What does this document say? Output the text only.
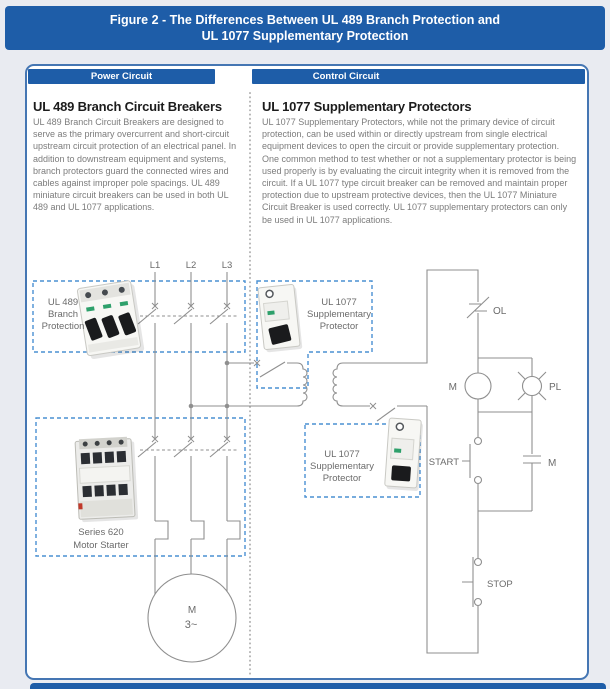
Figure 2 - The Differences Between UL 489 Branch Protection and
UL 1077 Supplementary Protection
Power Circuit	Control Circuit
UL 489 Branch Circuit Breakers	UL 1077 Supplementary Protectors
UL 489 Branch Circuit Breakers are designed to serve as the primary overcurrent and short-circuit upstream circuit protection of an electrical panel. In addition to downstream equipment and systems, branch protectors guard the connected wires and cables against improper pole spacings. UL 489 miniature circuit breakers can be used in both UL 489 and UL 1077 applications.
UL 1077 Supplementary Protectors, while not the primary device of circuit protection, can be used within or directly upstream from single electrical equipment devices to open the circuit or provide supplementary protection. One common method to test whether or not a supplementary protector is being used properly is by evaluating the circuit integrity when it is removed from the circuit. If a UL 1077 type circuit breaker can be removed and maintain proper protection due to upstream protective devices, then the UL 1077 Miniature Circuit Breaker is used correctly. UL 1077 supplementary protectors can only be used in UL 1077 applications.
L1	L2	L3
UL 489
Branch
Protection
Series 620
Motor Starter
M
3~
UL 1077
Supplementary
Protector
UL 1077
Supplementary
Protector
OL
M	PL
START	M
STOP
